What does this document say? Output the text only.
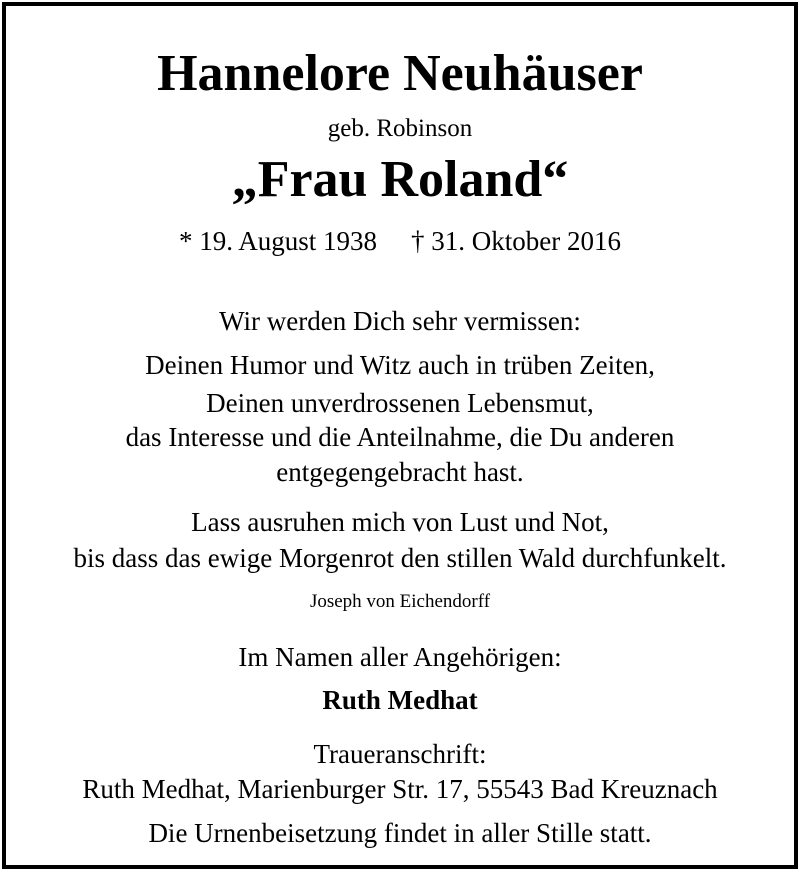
Hannelore Neuhäuser
geb. Robinson
„Frau Roland“
* 19. August 1938 † 31. Oktober 2016
Wir werden Dich sehr vermissen:
Deinen Humor und Witz auch in trüben Zeiten,
Deinen unverdrossenen Lebensmut,
das Interesse und die Anteilnahme, die Du anderen
entgegengebracht hast.
Lass ausruhen mich von Lust und Not,
bis dass das ewige Morgenrot den stillen Wald durchfunkelt.
Joseph von Eichendorff
Im Namen aller Angehörigen:
Ruth Medhat
Traueranschrift:
Ruth Medhat, Marienburger Str. 17, 55543 Bad Kreuznach
Die Urnenbeisetzung findet in aller Stille statt.
